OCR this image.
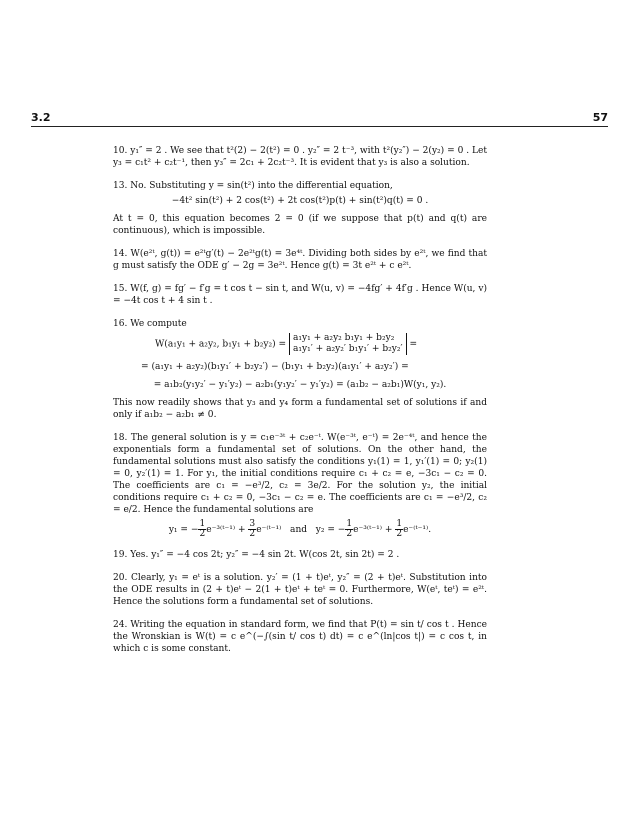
3.2	57

10. y₁″ = 2 . We see that t²(2) − 2(t²) = 0 . y₂″ = 2 t⁻³, with t²(y₂″) − 2(y₂) = 0 . Let y₃ = c₁t² + c₂t⁻¹, then y₃″ = 2c₁ + 2c₂t⁻³. It is evident that y₃ is also a solution.

13. No. Substituting y = sin(t²) into the differential equation,

−4t² sin(t²) + 2 cos(t²) + 2t cos(t²)p(t) + sin(t²)q(t) = 0 .

At t = 0, this equation becomes 2 = 0 (if we suppose that p(t) and q(t) are continuous), which is impossible.

14. W(e²ᵗ, g(t)) = e²ᵗg′(t) − 2e²ᵗg(t) = 3e⁴ᵗ. Dividing both sides by e²ᵗ, we find that g must satisfy the ODE g′ − 2g = 3e²ᵗ. Hence g(t) = 3t e²ᵗ + c e²ᵗ.

15. W(f, g) = fg′ − f′g = t cos t − sin t, and W(u, v) = −4fg′ + 4f′g . Hence W(u, v) = −4t cos t + 4 sin t .

16. We compute

W(a₁y₁ + a₂y₂, b₁y₁ + b₂y₂) =
a₁y₁ + a₂y₂ b₁y₁ + b₂y₂
a₁y₁′ + a₂y₂′ b₁y₁′ + b₂y₂′ =
= (a₁y₁ + a₂y₂)(b₁y₁′ + b₂y₂′) − (b₁y₁ + b₂y₂)(a₁y₁′ + a₂y₂′) =
= a₁b₂(y₁y₂′ − y₁′y₂) − a₂b₁(y₁y₂′ − y₁′y₂) = (a₁b₂ − a₂b₁)W(y₁, y₂).

This now readily shows that y₃ and y₄ form a fundamental set of solutions if and only if a₁b₂ − a₂b₁ ≠ 0.

18. The general solution is y = c₁e⁻³ᵗ + c₂e⁻ᵗ. W(e⁻³ᵗ, e⁻ᵗ) = 2e⁻⁴ᵗ, and hence the exponentials form a fundamental set of solutions. On the other hand, the fundamental solutions must also satisfy the conditions y₁(1) = 1, y₁′(1) = 0; y₂(1) = 0, y₂′(1) = 1. For y₁, the initial conditions require c₁ + c₂ = e, −3c₁ − c₂ = 0. The coefficients are c₁ = −e³/2, c₂ = 3e/2. For the solution y₂, the initial conditions require c₁ + c₂ = 0, −3c₁ − c₂ = e. The coefficients are c₁ = −e³/2, c₂ = e/2. Hence the fundamental solutions are

y₁ = − $\frac{1}{2}$ e⁻³⁽ᵗ⁻¹⁾ + $\frac{3}{2}$ e⁻⁽ᵗ⁻¹⁾ and y₂ = − $\frac{1}{2}$ e⁻³⁽ᵗ⁻¹⁾ + $\frac{1}{2}$ e⁻⁽ᵗ⁻¹⁾.

19. Yes. y₁″ = −4 cos 2t; y₂″ = −4 sin 2t. W(cos 2t, sin 2t) = 2 .

20. Clearly, y₁ = eᵗ is a solution. y₂′ = (1 + t)eᵗ, y₂″ = (2 + t)eᵗ. Substitution into the ODE results in (2 + t)eᵗ − 2(1 + t)eᵗ + teᵗ = 0. Furthermore, W(eᵗ, teᵗ) = e²ᵗ. Hence the solutions form a fundamental set of solutions.

24. Writing the equation in standard form, we find that P(t) = sin t/ cos t . Hence the Wronskian is W(t) = c e^(−∫(sin t/ cos t) dt) = c e^(ln|cos t|) = c cos t, in which c is some constant.
